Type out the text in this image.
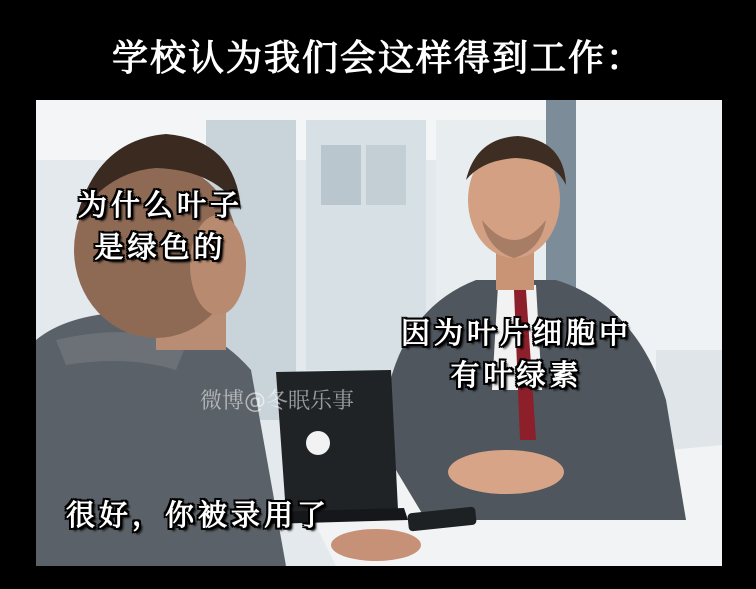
学校认为我们会这样得到工作：
微博@冬眠乐事
为什么叶子
是绿色的
因为叶片细胞中
有叶绿素
很好，你被录用了
